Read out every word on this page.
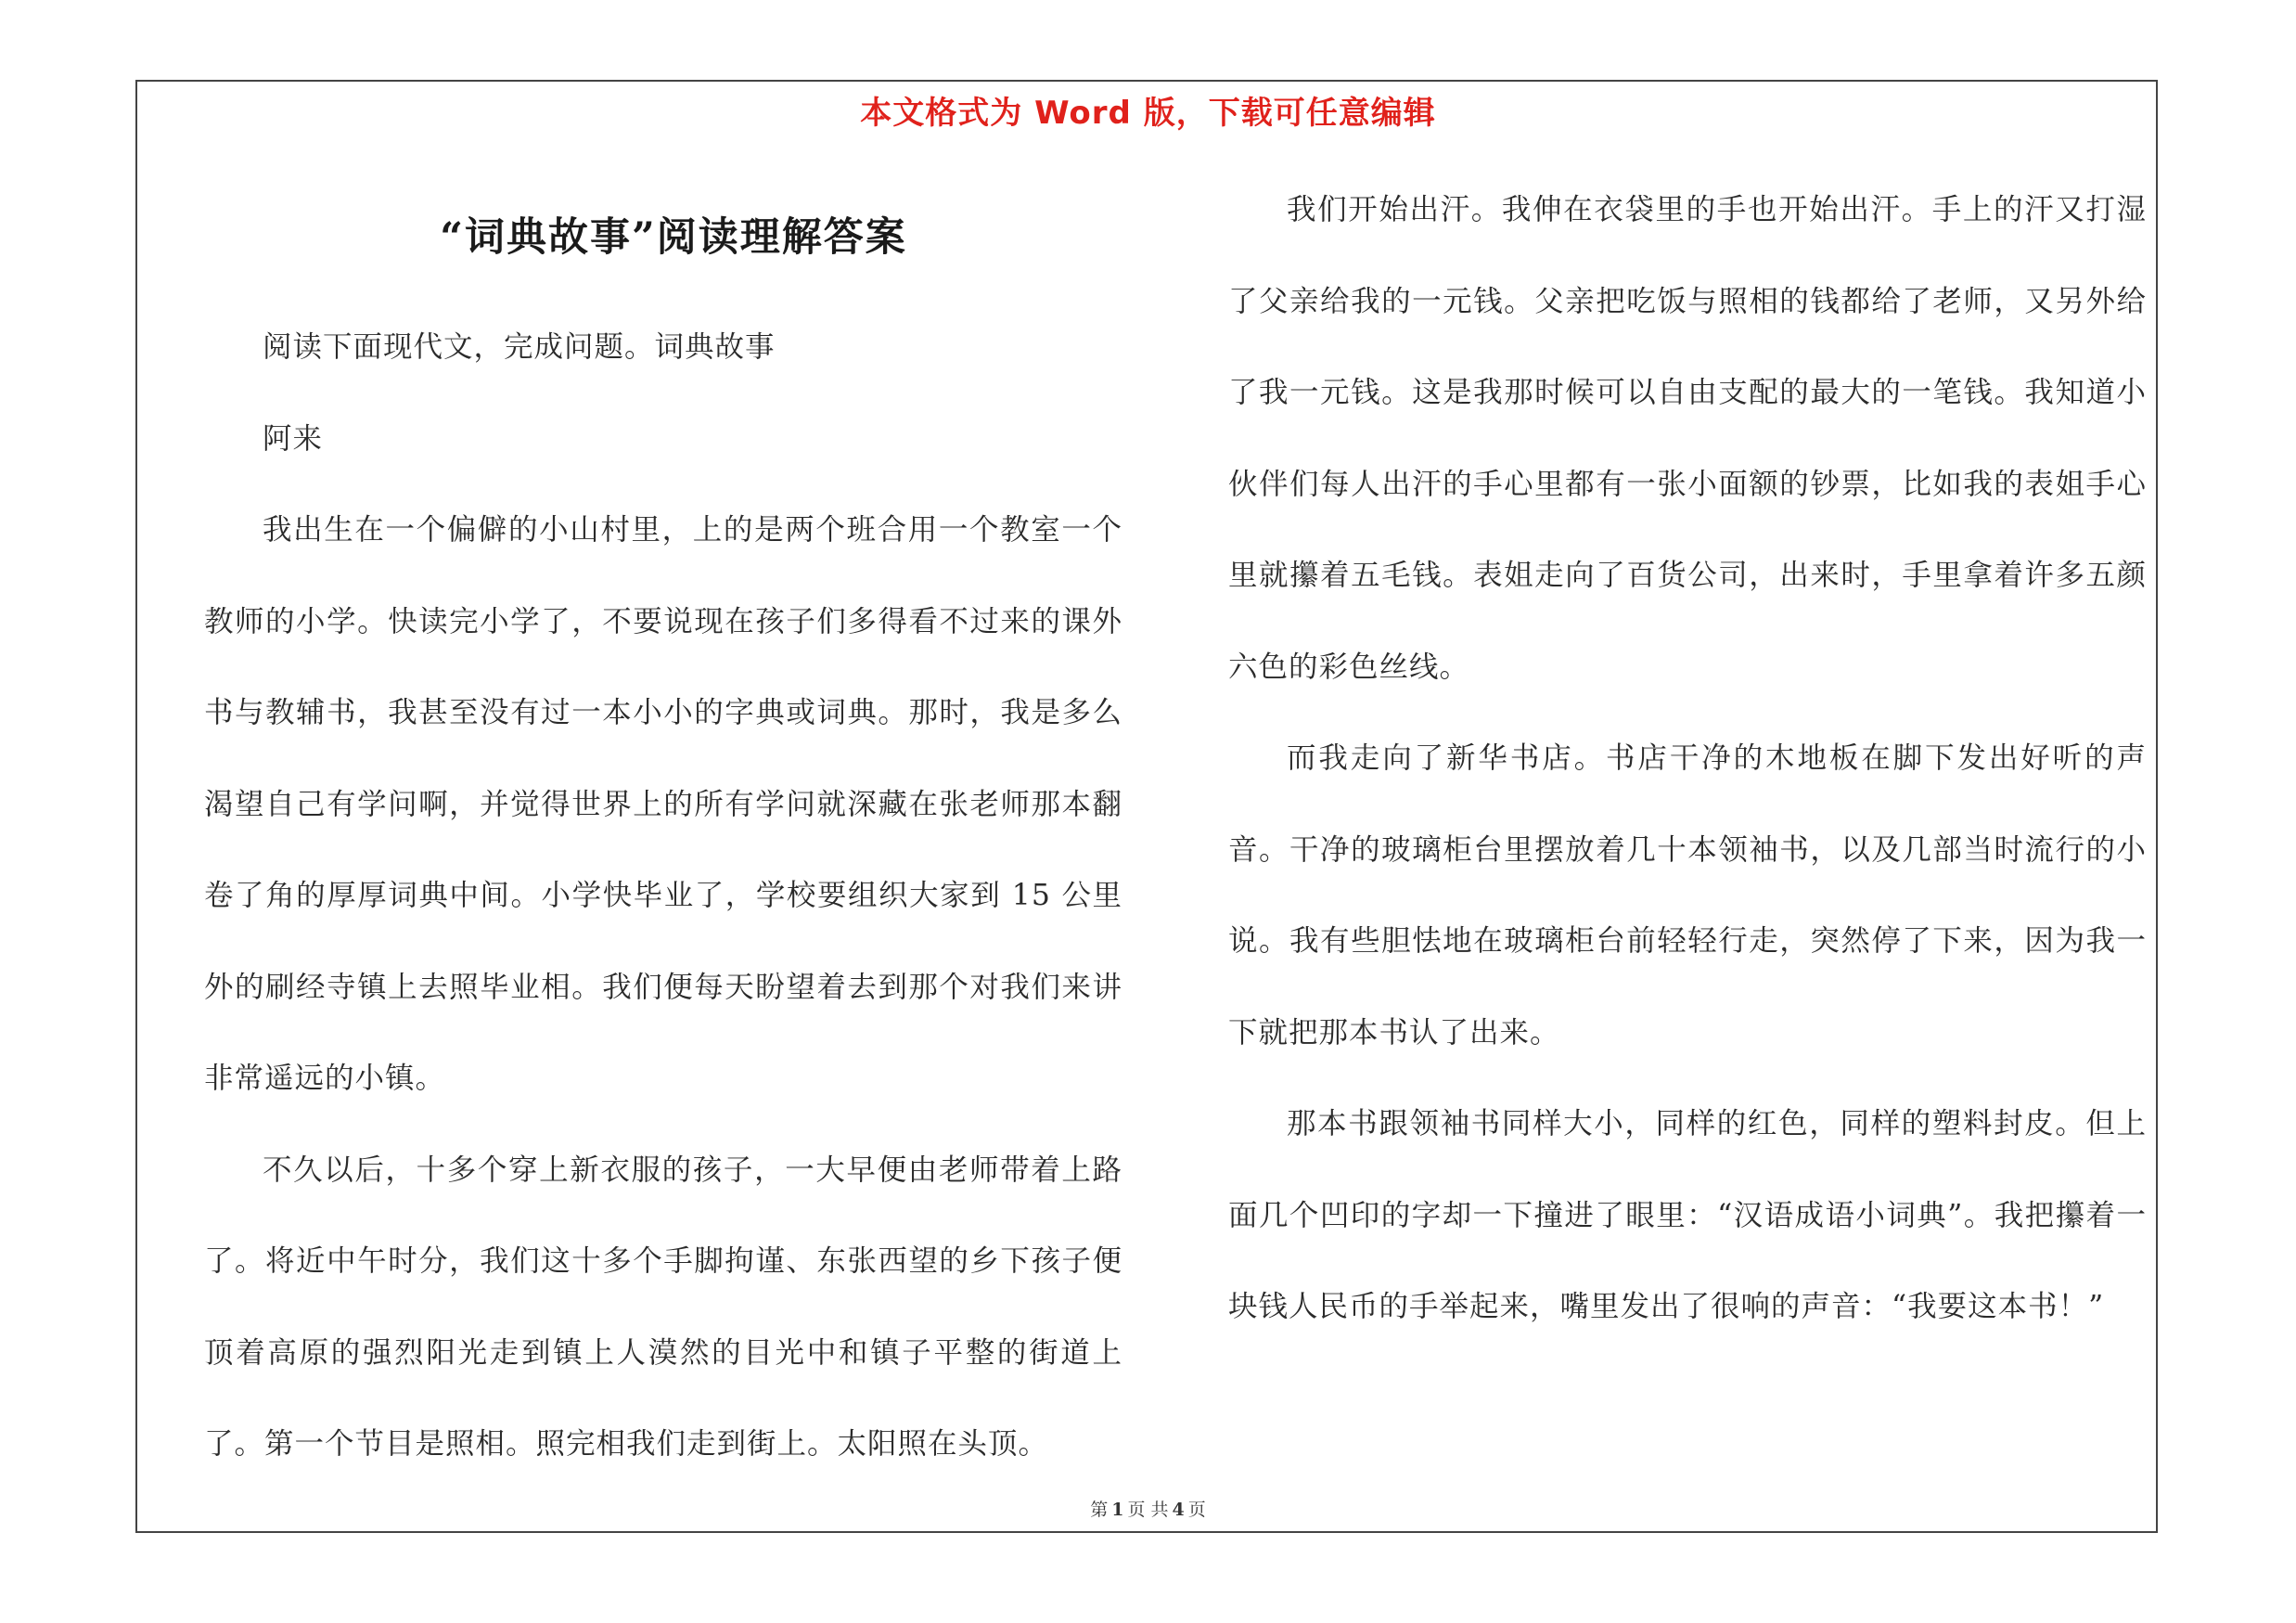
本文格式为 Word 版，下载可任意编辑
“词典故事”阅读理解答案

阅读下面现代文，完成问题。词典故事

阿来

我出生在一个偏僻的小山村里，上的是两个班合用一个教室一个教师的小学。快读完小学了，不要说现在孩子们多得看不过来的课外书与教辅书，我甚至没有过一本小小的字典或词典。那时，我是多么渴望自己有学问啊，并觉得世界上的所有学问就深藏在张老师那本翻卷了角的厚厚词典中间。小学快毕业了，学校要组织大家到 15 公里外的刷经寺镇上去照毕业相。我们便每天盼望着去到那个对我们来讲非常遥远的小镇。

不久以后，十多个穿上新衣服的孩子，一大早便由老师带着上路了。将近中午时分，我们这十多个手脚拘谨、东张西望的乡下孩子便顶着高原的强烈阳光走到镇上人漠然的目光中和镇子平整的街道上了。第一个节目是照相。照完相我们走到街上。太阳照在头顶。

我们开始出汗。我伸在衣袋里的手也开始出汗。手上的汗又打湿了父亲给我的一元钱。父亲把吃饭与照相的钱都给了老师，又另外给了我一元钱。这是我那时候可以自由支配的最大的一笔钱。我知道小伙伴们每人出汗的手心里都有一张小面额的钞票，比如我的表姐手心里就攥着五毛钱。表姐走向了百货公司，出来时，手里拿着许多五颜六色的彩色丝线。

而我走向了新华书店。书店干净的木地板在脚下发出好听的声音。干净的玻璃柜台里摆放着几十本领袖书，以及几部当时流行的小说。我有些胆怯地在玻璃柜台前轻轻行走，突然停了下来，因为我一下就把那本书认了出来。

那本书跟领袖书同样大小，同样的红色，同样的塑料封皮。但上面几个凹印的字却一下撞进了眼里：“汉语成语小词典”。我把攥着一块钱人民币的手举起来，嘴里发出了很响的声音：“我要这本书！”

第 1 页 共 4 页
